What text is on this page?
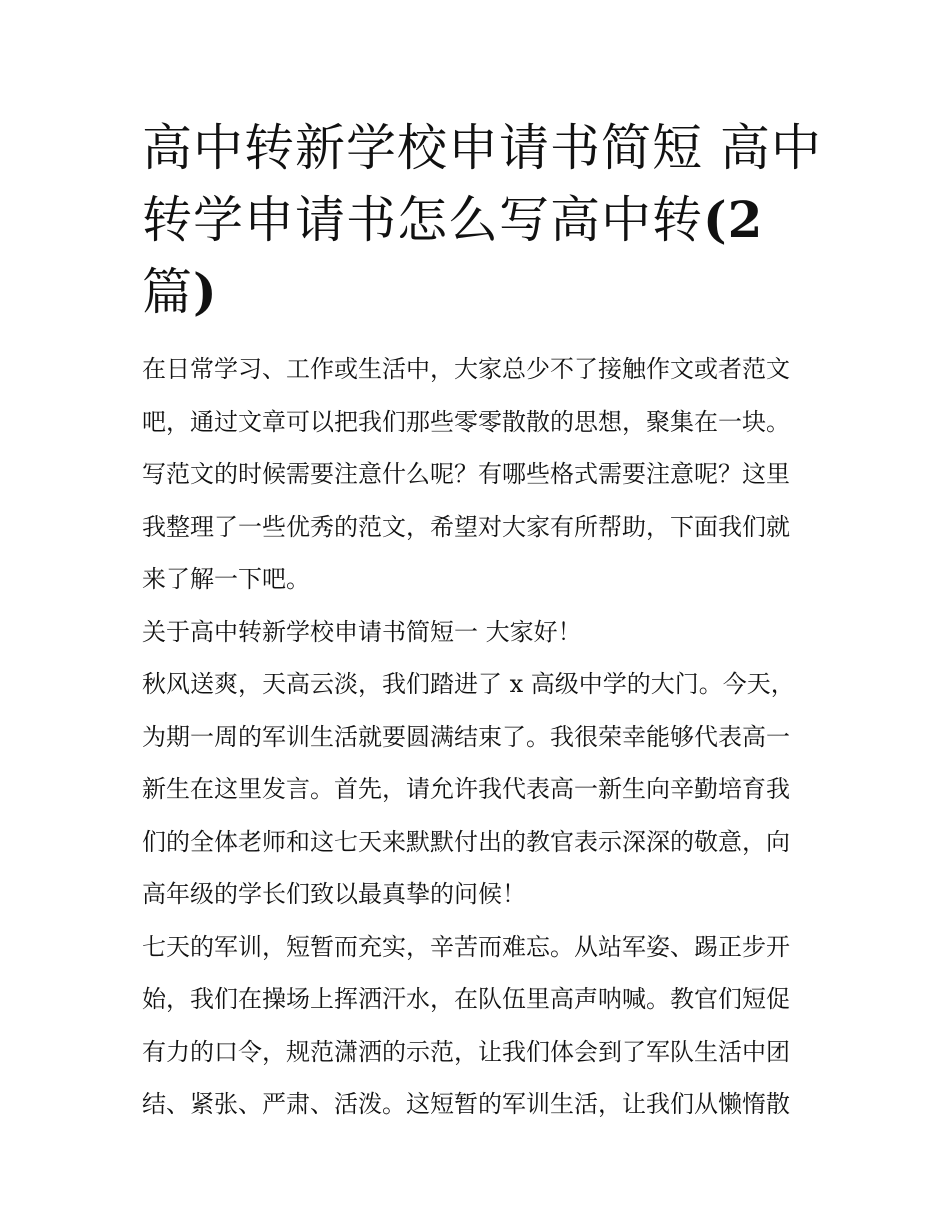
高中转新学校申请书简短 高中
转学申请书怎么写高中转(2
篇)

在日常学习、工作或生活中，大家总少不了接触作文或者范文
吧，通过文章可以把我们那些零零散散的思想，聚集在一块。
写范文的时候需要注意什么呢？有哪些格式需要注意呢？这里
我整理了一些优秀的范文，希望对大家有所帮助，下面我们就
来了解一下吧。

关于高中转新学校申请书简短一 大家好！

秋风送爽，天高云淡，我们踏进了 x 高级中学的大门。今天，
为期一周的军训生活就要圆满结束了。我很荣幸能够代表高一
新生在这里发言。首先，请允许我代表高一新生向辛勤培育我
们的全体老师和这七天来默默付出的教官表示深深的敬意，向
高年级的学长们致以最真挚的问候！

七天的军训，短暂而充实，辛苦而难忘。从站军姿、踢正步开
始，我们在操场上挥洒汗水，在队伍里高声呐喊。教官们短促
有力的口令，规范潇洒的示范，让我们体会到了军队生活中团
结、紧张、严肃、活泼。这短暂的军训生活，让我们从懒惰散
